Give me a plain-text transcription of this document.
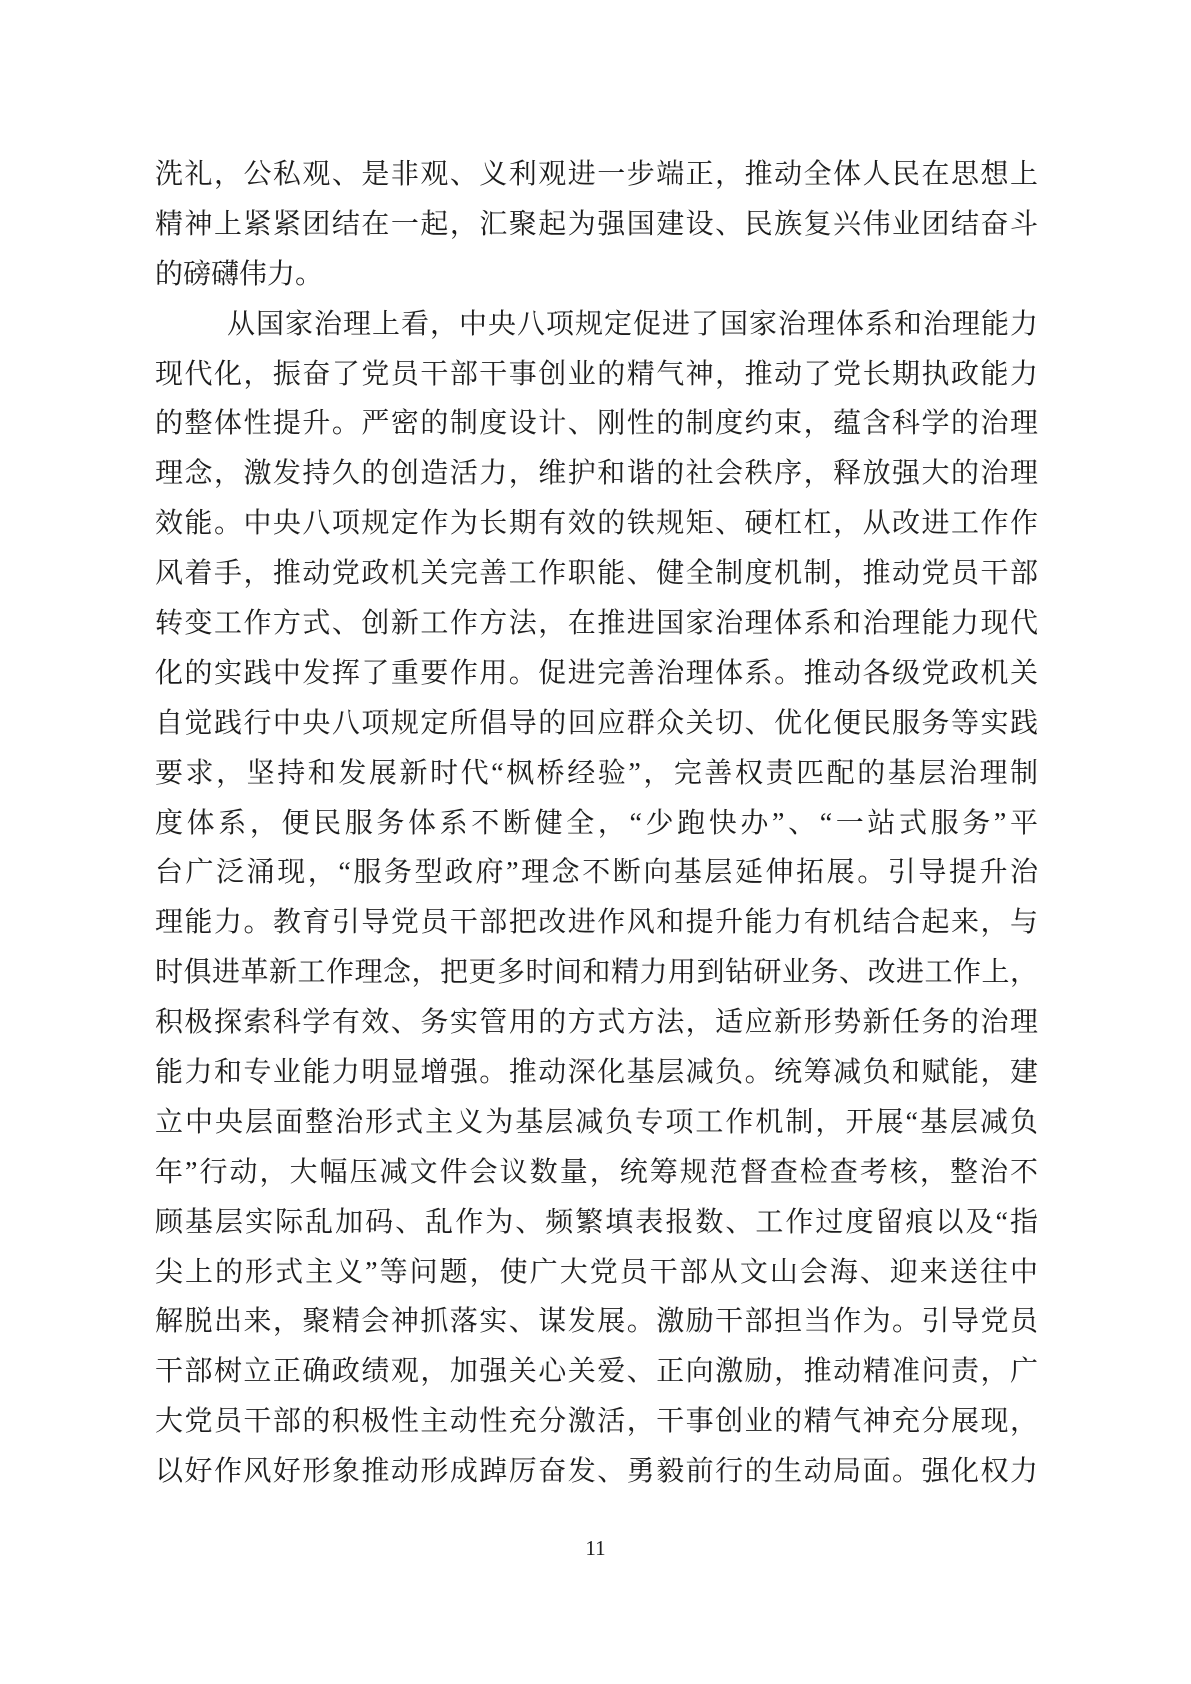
洗礼，公私观、是非观、义利观进一步端正，推动全体人民在思想上
精神上紧紧团结在一起，汇聚起为强国建设、民族复兴伟业团结奋斗
的磅礴伟力。
从国家治理上看，中央八项规定促进了国家治理体系和治理能力
现代化，振奋了党员干部干事创业的精气神，推动了党长期执政能力
的整体性提升。严密的制度设计、刚性的制度约束，蕴含科学的治理
理念，激发持久的创造活力，维护和谐的社会秩序，释放强大的治理
效能。中央八项规定作为长期有效的铁规矩、硬杠杠，从改进工作作
风着手，推动党政机关完善工作职能、健全制度机制，推动党员干部
转变工作方式、创新工作方法，在推进国家治理体系和治理能力现代
化的实践中发挥了重要作用。促进完善治理体系。推动各级党政机关
自觉践行中央八项规定所倡导的回应群众关切、优化便民服务等实践
要求，坚持和发展新时代“枫桥经验”，完善权责匹配的基层治理制
度体系，便民服务体系不断健全，“少跑快办”、“一站式服务”平
台广泛涌现，“服务型政府”理念不断向基层延伸拓展。引导提升治
理能力。教育引导党员干部把改进作风和提升能力有机结合起来，与
时俱进革新工作理念，把更多时间和精力用到钻研业务、改进工作上，
积极探索科学有效、务实管用的方式方法，适应新形势新任务的治理
能力和专业能力明显增强。推动深化基层减负。统筹减负和赋能，建
立中央层面整治形式主义为基层减负专项工作机制，开展“基层减负
年”行动，大幅压减文件会议数量，统筹规范督查检查考核，整治不
顾基层实际乱加码、乱作为、频繁填表报数、工作过度留痕以及“指
尖上的形式主义”等问题，使广大党员干部从文山会海、迎来送往中
解脱出来，聚精会神抓落实、谋发展。激励干部担当作为。引导党员
干部树立正确政绩观，加强关心关爱、正向激励，推动精准问责，广
大党员干部的积极性主动性充分激活，干事创业的精气神充分展现，
以好作风好形象推动形成踔厉奋发、勇毅前行的生动局面。强化权力
11
